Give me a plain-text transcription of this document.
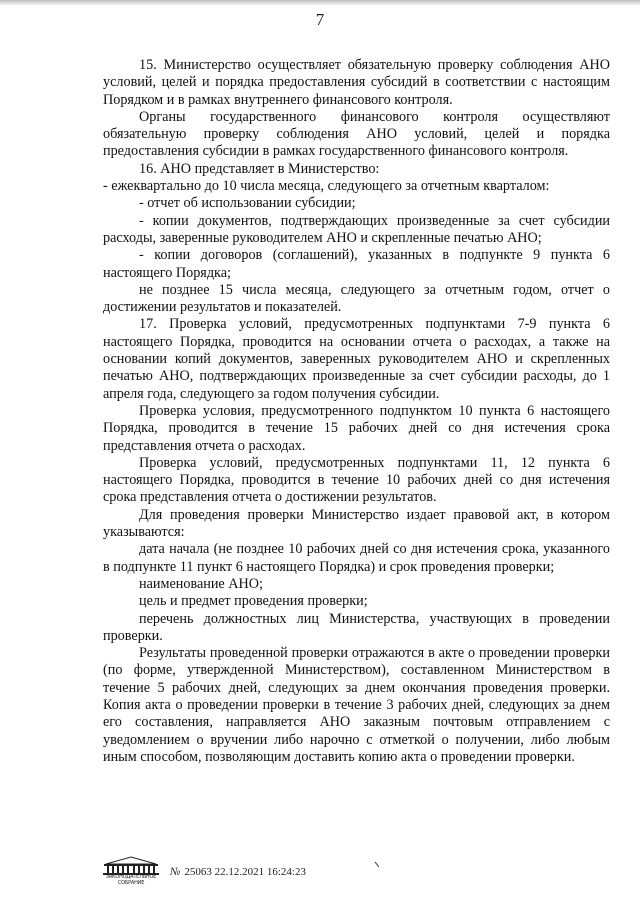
7

15. Министерство осуществляет обязательную проверку соблюдения АНО условий, целей и порядка предоставления субсидий в соответствии с настоящим Порядком и в рамках внутреннего финансового контроля.

Органы государственного финансового контроля осуществляют обязательную проверку соблюдения АНО условий, целей и порядка предоставления субсидии в рамках государственного финансового контроля.

16. АНО представляет в Министерство:

- ежеквартально до 10 числа месяца, следующего за отчетным кварталом:

- отчет об использовании субсидии;

- копии документов, подтверждающих произведенные за счет субсидии расходы, заверенные руководителем АНО и скрепленные печатью АНО;

- копии договоров (соглашений), указанных в подпункте 9 пункта 6 настоящего Порядка;

не позднее 15 числа месяца, следующего за отчетным годом, отчет о достижении результатов и показателей.

17. Проверка условий, предусмотренных подпунктами 7-9 пункта 6 настоящего Порядка, проводится на основании отчета о расходах, а также на основании копий документов, заверенных руководителем АНО и скрепленных печатью АНО, подтверждающих произведенные за счет субсидии расходы, до 1 апреля года, следующего за годом получения субсидии.

Проверка условия, предусмотренного подпунктом 10 пункта 6 настоящего Порядка, проводится в течение 15 рабочих дней со дня истечения срока представления отчета о расходах.

Проверка условий, предусмотренных подпунктами 11, 12 пункта 6 настоящего Порядка, проводится в течение 10 рабочих дней со дня истечения срока представления отчета о достижении результатов.

Для проведения проверки Министерство издает правовой акт, в котором указываются:

дата начала (не позднее 10 рабочих дней со дня истечения срока, указанного в подпункте 11 пункт 6 настоящего Порядка) и срок проведения проверки;

наименование АНО;

цель и предмет проведения проверки;

перечень должностных лиц Министерства, участвующих в проведении проверки.

Результаты проведенной проверки отражаются в акте о проведении проверки (по форме, утвержденной Министерством), составленном Министерством в течение 5 рабочих дней, следующих за днем окончания проведения проверки. Копия акта о проведении проверки в течение 3 рабочих дней, следующих за днем его составления, направляется АНО заказным почтовым отправлением с уведомлением о вручении либо нарочно с отметкой о получении, либо любым иным способом, позволяющим доставить копию акта о проведении проверки.

ЗАКОНОДАТЕЛЬНОЕ СОБРАНИЕ
№ 25063 22.12.2021 16:24:23
